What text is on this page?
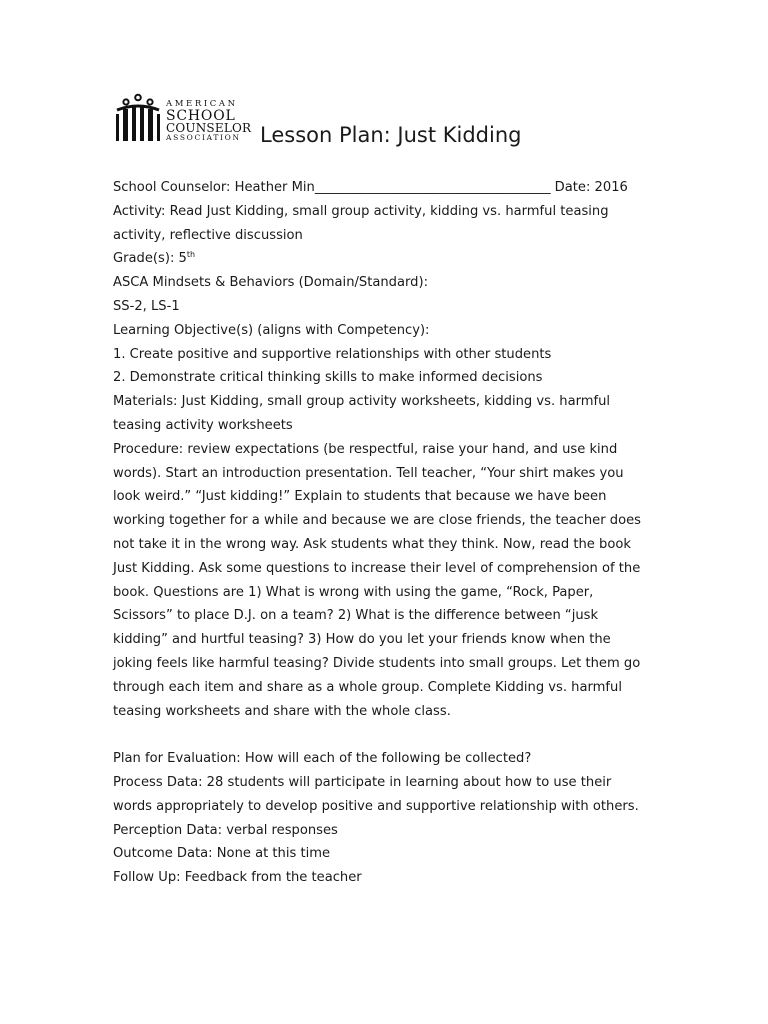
AMERICAN
SCHOOL
COUNSELOR
ASSOCIATION Lesson Plan: Just Kidding
School Counselor: Heather Min____________________________________ Date: 2016
Activity: Read Just Kidding, small group activity, kidding vs. harmful teasing
activity, reflective discussion
Grade(s): 5th
ASCA Mindsets & Behaviors (Domain/Standard):
SS-2, LS-1
Learning Objective(s) (aligns with Competency):
1. Create positive and supportive relationships with other students
2. Demonstrate critical thinking skills to make informed decisions
Materials: Just Kidding, small group activity worksheets, kidding vs. harmful
teasing activity worksheets
Procedure: review expectations (be respectful, raise your hand, and use kind
words). Start an introduction presentation. Tell teacher, “Your shirt makes you
look weird.” “Just kidding!” Explain to students that because we have been
working together for a while and because we are close friends, the teacher does
not take it in the wrong way. Ask students what they think. Now, read the book
Just Kidding. Ask some questions to increase their level of comprehension of the
book. Questions are 1) What is wrong with using the game, “Rock, Paper,
Scissors” to place D.J. on a team? 2) What is the difference between “jusk
kidding” and hurtful teasing? 3) How do you let your friends know when the
joking feels like harmful teasing? Divide students into small groups. Let them go
through each item and share as a whole group. Complete Kidding vs. harmful
teasing worksheets and share with the whole class.
Plan for Evaluation: How will each of the following be collected?
Process Data: 28 students will participate in learning about how to use their
words appropriately to develop positive and supportive relationship with others.
Perception Data: verbal responses
Outcome Data: None at this time
Follow Up: Feedback from the teacher
